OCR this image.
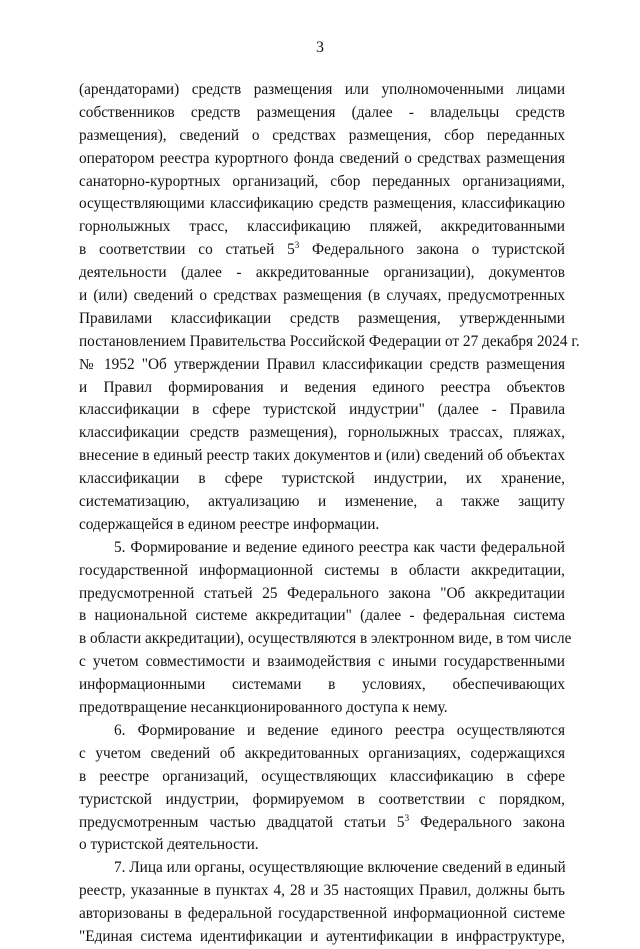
3
(арендаторами) средств размещения или уполномоченными лицами
собственников средств размещения (далее - владельцы средств
размещения), сведений о средствах размещения, сбор переданных
оператором реестра курортного фонда сведений о средствах размещения
санаторно-курортных организаций, сбор переданных организациями,
осуществляющими классификацию средств размещения, классификацию
горнолыжных трасс, классификацию пляжей, аккредитованными
в соответствии со статьей $5^3$ Федерального закона о туристской
деятельности (далее - аккредитованные организации), документов
и (или) сведений о средствах размещения (в случаях, предусмотренных
Правилами классификации средств размещения, утвержденными
постановлением Правительства Российской Федерации от 27 декабря 2024 г.
№ 1952 "Об утверждении Правил классификации средств размещения
и Правил формирования и ведения единого реестра объектов
классификации в сфере туристской индустрии" (далее - Правила
классификации средств размещения), горнолыжных трассах, пляжах,
внесение в единый реестр таких документов и (или) сведений об объектах
классификации в сфере туристской индустрии, их хранение,
систематизацию, актуализацию и изменение, а также защиту
содержащейся в едином реестре информации.
5. Формирование и ведение единого реестра как части федеральной
государственной информационной системы в области аккредитации,
предусмотренной статьей 25 Федерального закона "Об аккредитации
в национальной системе аккредитации" (далее - федеральная система
в области аккредитации), осуществляются в электронном виде, в том числе
с учетом совместимости и взаимодействия с иными государственными
информационными системами в условиях, обеспечивающих
предотвращение несанкционированного доступа к нему.
6. Формирование и ведение единого реестра осуществляются
с учетом сведений об аккредитованных организациях, содержащихся
в реестре организаций, осуществляющих классификацию в сфере
туристской индустрии, формируемом в соответствии с порядком,
предусмотренным частью двадцатой статьи $5^3$ Федерального закона
о туристской деятельности.
7. Лица или органы, осуществляющие включение сведений в единый
реестр, указанные в пунктах 4, 28 и 35 настоящих Правил, должны быть
авторизованы в федеральной государственной информационной системе
"Единая система идентификации и аутентификации в инфраструктуре,
